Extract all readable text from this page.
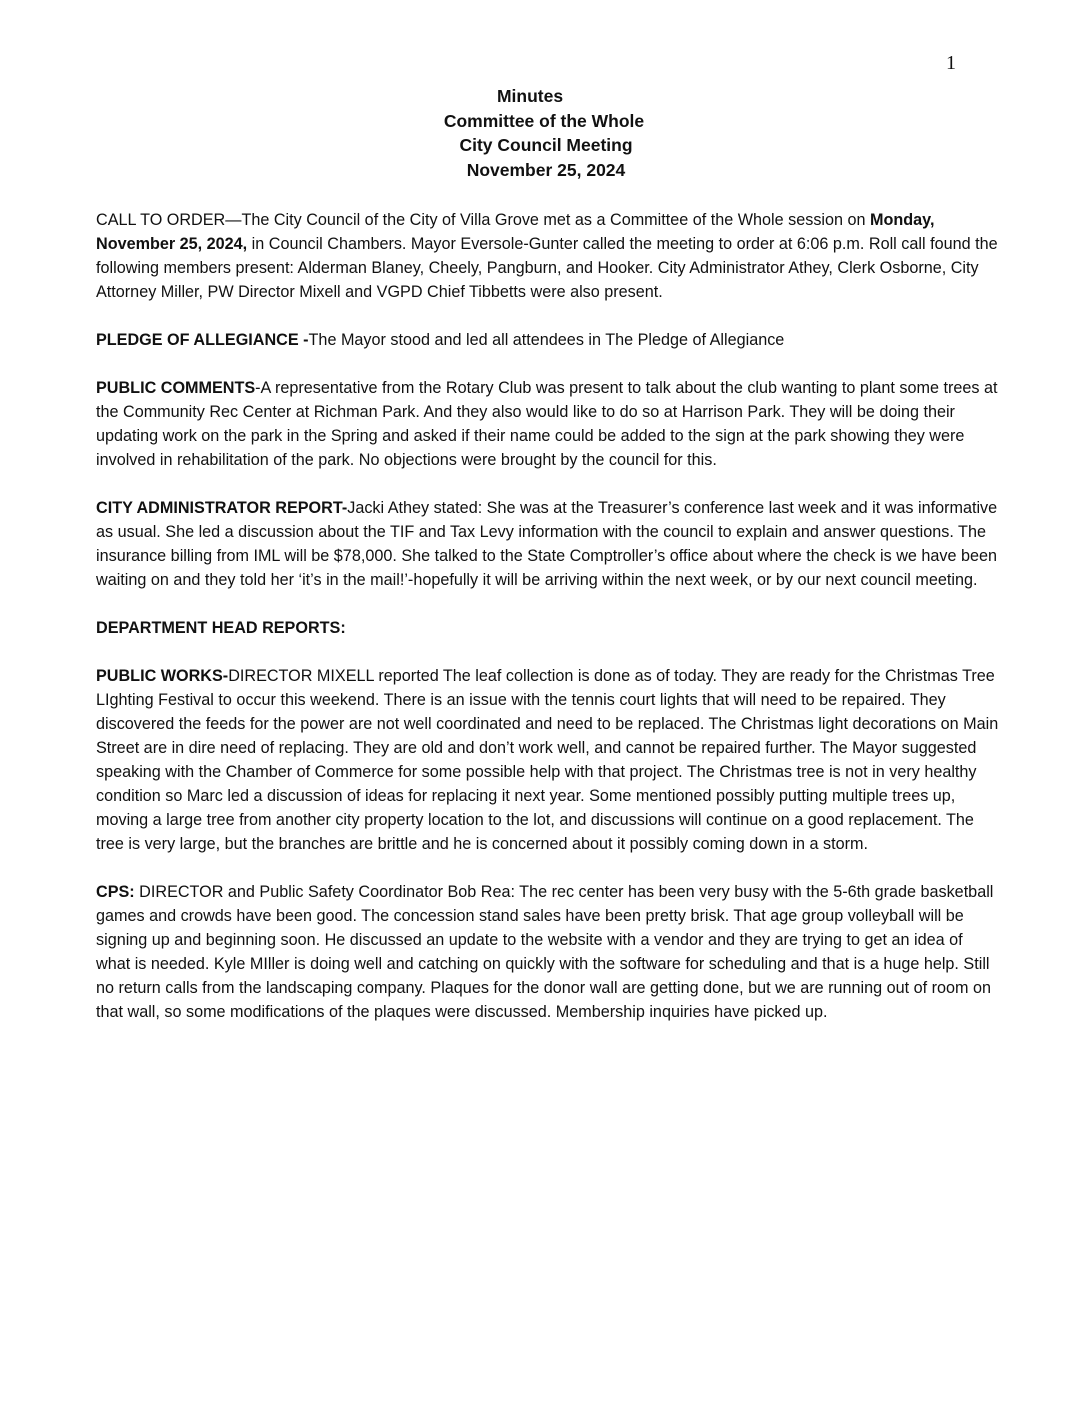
1
Minutes
Committee of the Whole
City Council Meeting
November 25, 2024

CALL TO ORDER—The City Council of the City of Villa Grove met as a Committee of the Whole session on Monday, November 25, 2024, in Council Chambers. Mayor Eversole-Gunter called the meeting to order at 6:06 p.m. Roll call found the following members present: Alderman Blaney, Cheely, Pangburn, and Hooker. City Administrator Athey, Clerk Osborne, City Attorney Miller, PW Director Mixell and VGPD Chief Tibbetts were also present.

PLEDGE OF ALLEGIANCE -The Mayor stood and led all attendees in The Pledge of Allegiance

PUBLIC COMMENTS-A representative from the Rotary Club was present to talk about the club wanting to plant some trees at the Community Rec Center at Richman Park. And they also would like to do so at Harrison Park. They will be doing their updating work on the park in the Spring and asked if their name could be added to the sign at the park showing they were involved in rehabilitation of the park. No objections were brought by the council for this.

CITY ADMINISTRATOR REPORT-Jacki Athey stated: She was at the Treasurer’s conference last week and it was informative as usual. She led a discussion about the TIF and Tax Levy information with the council to explain and answer questions. The insurance billing from IML will be $78,000. She talked to the State Comptroller’s office about where the check is we have been waiting on and they told her ‘it’s in the mail!’-hopefully it will be arriving within the next week, or by our next council meeting.

DEPARTMENT HEAD REPORTS:

PUBLIC WORKS-DIRECTOR MIXELL reported The leaf collection is done as of today. They are ready for the Christmas Tree LIghting Festival to occur this weekend. There is an issue with the tennis court lights that will need to be repaired. They discovered the feeds for the power are not well coordinated and need to be replaced. The Christmas light decorations on Main Street are in dire need of replacing. They are old and don’t work well, and cannot be repaired further. The Mayor suggested speaking with the Chamber of Commerce for some possible help with that project. The Christmas tree is not in very healthy condition so Marc led a discussion of ideas for replacing it next year. Some mentioned possibly putting multiple trees up, moving a large tree from another city property location to the lot, and discussions will continue on a good replacement. The tree is very large, but the branches are brittle and he is concerned about it possibly coming down in a storm.

CPS: DIRECTOR and Public Safety Coordinator Bob Rea: The rec center has been very busy with the 5-6th grade basketball games and crowds have been good. The concession stand sales have been pretty brisk. That age group volleyball will be signing up and beginning soon. He discussed an update to the website with a vendor and they are trying to get an idea of what is needed. Kyle MIller is doing well and catching on quickly with the software for scheduling and that is a huge help. Still no return calls from the landscaping company. Plaques for the donor wall are getting done, but we are running out of room on that wall, so some modifications of the plaques were discussed. Membership inquiries have picked up.
